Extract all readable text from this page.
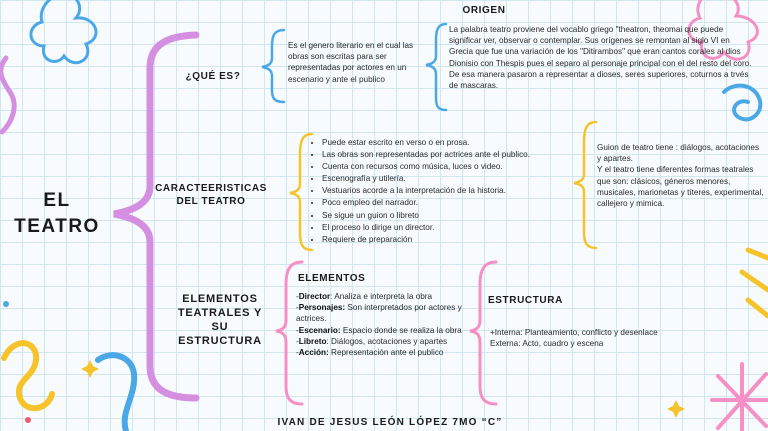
EL
TEATRO
¿QUÉ ES?
Es el genero literario en el cual las obras son escritas para ser representadas por actores en un escenario y ante el publico
ORIGEN
La palabra teatro proviene del vocablo griego "theatron, theomai que puede significar ver, observar o contemplar. Sus orígenes se remontan al siglo VI en Grecia que fue una variación de los "Ditirambos" que eran cantos corales al dios Dionisio con Thespis pues el separo al personaje principal con el del resto del coro. De esa manera pasaron a representar a dioses, seres superiores, coturnos a trvés de mascaras.
CARACTEERISTICAS
DEL TEATRO
• Puede estar escrito en verso o en prosa.
• Las obras son representadas por actrices ante el publico.
• Cuenta con recursos como música, luces o video.
• Escenografía y utilería.
• Vestuarios acorde a la interpretación de la historia.
• Poco empleo del narrador.
• Se sigue un guion o libreto
• El proceso lo dirige un director.
• Requiere de preparación
Guion de teatro tiene : diálogos, acotaciones y apartes.
Y el teatro tiene diferentes formas teatrales que son: clásicos, géneros menores, musicales, marionetas y títeres, experimental, callejero y mimica.
ELEMENTOS
TEATRALES Y
SU
ESTRUCTURA
ELEMENTOS
-Director: Analiza e interpreta la obra
-Personajes: Son interpretados por actores y actrices.
-Escenario: Espacio donde se realiza la obra
-Libreto: Diálogos, acotaciones y apartes
-Acción: Representación ante el publico
ESTRUCTURA
+Interna: Planteamiento, conflicto y desenlace
Externa: Acto, cuadro y escena
IVAN DE JESUS LEÓN LÓPEZ 7MO “C”
